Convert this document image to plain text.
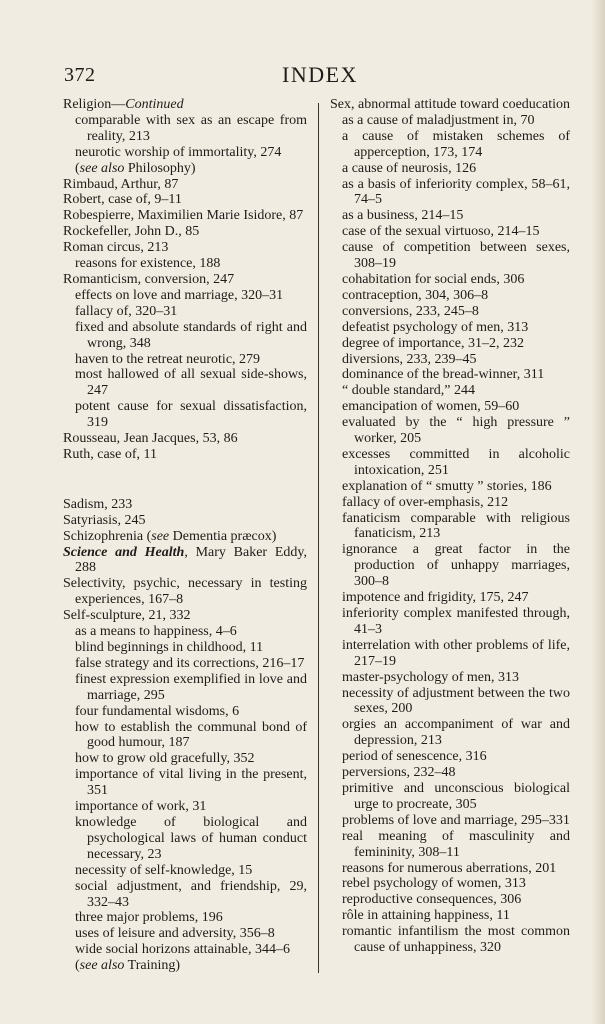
372	INDEX
Religion—Continued
comparable with sex as an escape from reality, 213
neurotic worship of immortality, 274
(see also Philosophy)
Rimbaud, Arthur, 87
Robert, case of, 9–11
Robespierre, Maximilien Marie Isidore, 87
Rockefeller, John D., 85
Roman circus, 213
reasons for existence, 188
Romanticism, conversion, 247
effects on love and marriage, 320–31
fallacy of, 320–31
fixed and absolute standards of right and wrong, 348
haven to the retreat neurotic, 279
most hallowed of all sexual side-shows, 247
potent cause for sexual dissatisfaction, 319
Rousseau, Jean Jacques, 53, 86
Ruth, case of, 11
Sadism, 233
Satyriasis, 245
Schizophrenia (see Dementia præcox)
Science and Health, Mary Baker Eddy, 288
Selectivity, psychic, necessary in testing experiences, 167–8
Self-sculpture, 21, 332
as a means to happiness, 4–6
blind beginnings in childhood, 11
false strategy and its corrections, 216–17
finest expression exemplified in love and marriage, 295
four fundamental wisdoms, 6
how to establish the communal bond of good humour, 187
how to grow old gracefully, 352
importance of vital living in the present, 351
importance of work, 31
knowledge of biological and psychological laws of human conduct necessary, 23
necessity of self-knowledge, 15
social adjustment, and friendship, 29, 332–43
three major problems, 196
uses of leisure and adversity, 356–8
wide social horizons attainable, 344–6
(see also Training)
Sex, abnormal attitude toward coeducation as a cause of maladjustment in, 70
a cause of mistaken schemes of apperception, 173, 174
a cause of neurosis, 126
as a basis of inferiority complex, 58–61, 74–5
as a business, 214–15
case of the sexual virtuoso, 214–15
cause of competition between sexes, 308–19
cohabitation for social ends, 306
contraception, 304, 306–8
conversions, 233, 245–8
defeatist psychology of men, 313
degree of importance, 31–2, 232
diversions, 233, 239–45
dominance of the bread-winner, 311
“ double standard,” 244
emancipation of women, 59–60
evaluated by the “ high pressure ” worker, 205
excesses committed in alcoholic intoxication, 251
explanation of “ smutty ” stories, 186
fallacy of over-emphasis, 212
fanaticism comparable with religious fanaticism, 213
ignorance a great factor in the production of unhappy marriages, 300–8
impotence and frigidity, 175, 247
inferiority complex manifested through, 41–3
interrelation with other problems of life, 217–19
master-psychology of men, 313
necessity of adjustment between the two sexes, 200
orgies an accompaniment of war and depression, 213
period of senescence, 316
perversions, 232–48
primitive and unconscious biological urge to procreate, 305
problems of love and marriage, 295–331
real meaning of masculinity and femininity, 308–11
reasons for numerous aberrations, 201
rebel psychology of women, 313
reproductive consequences, 306
rôle in attaining happiness, 11
romantic infantilism the most common cause of unhappiness, 320
